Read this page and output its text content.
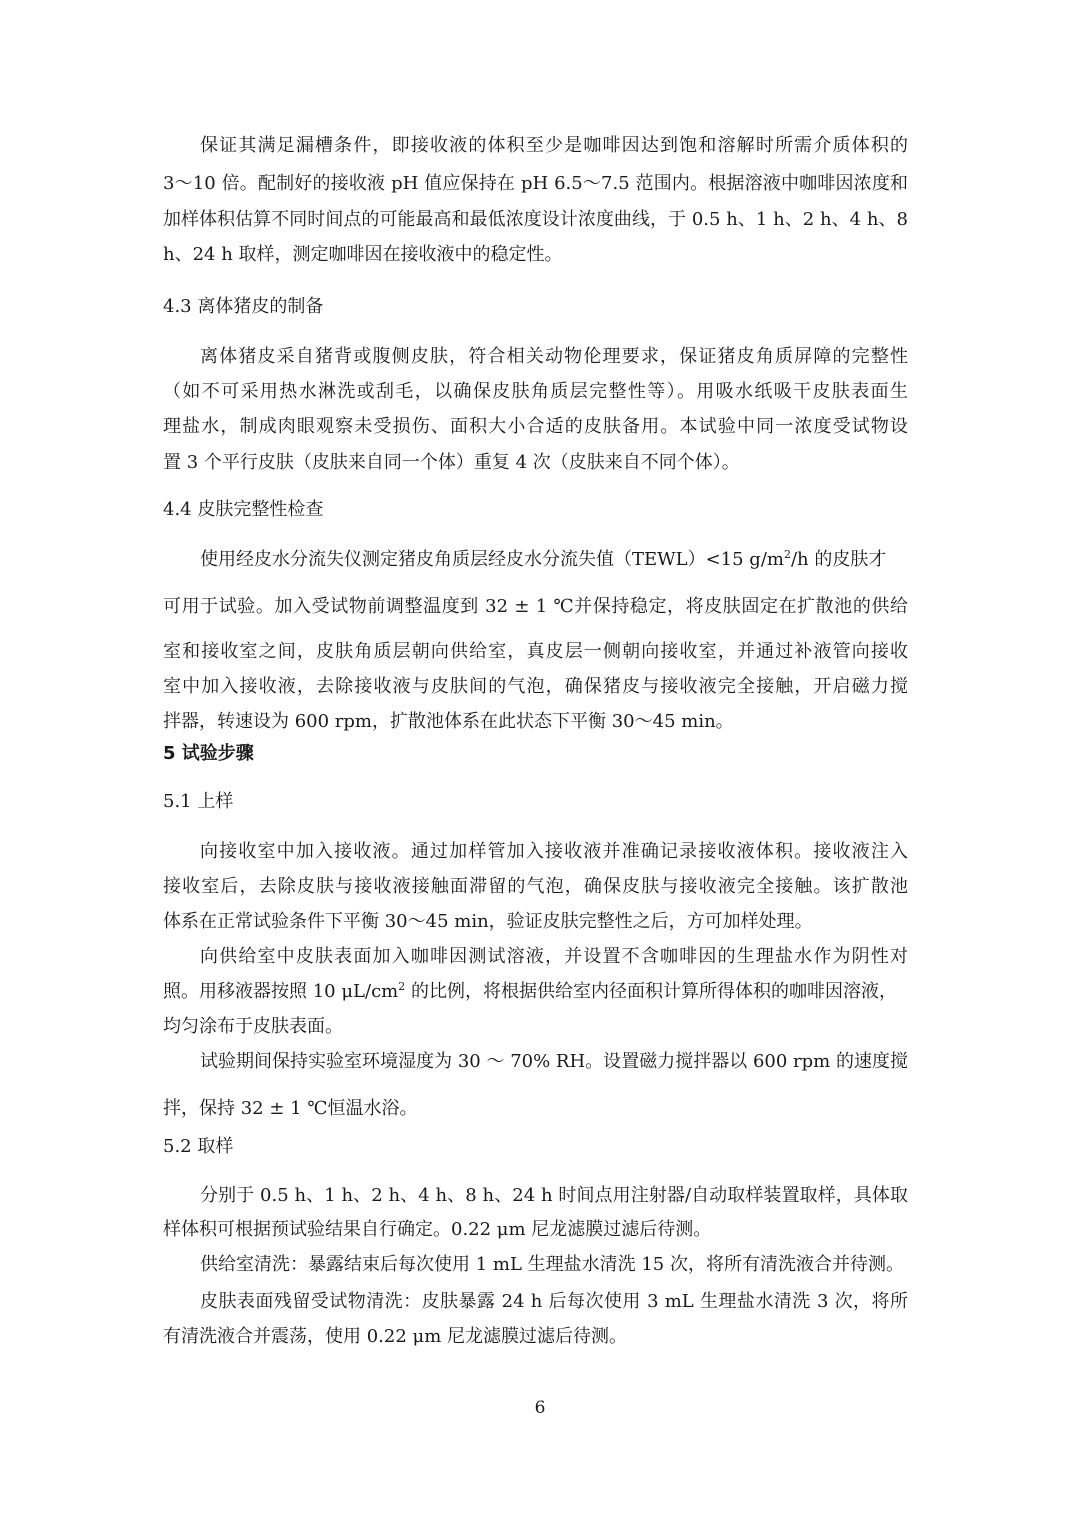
保证其满足漏槽条件，即接收液的体积至少是咖啡因达到饱和溶解时所需介质体积的
3～10 倍。配制好的接收液 pH 值应保持在 pH 6.5～7.5 范围内。根据溶液中咖啡因浓度和
加样体积估算不同时间点的可能最高和最低浓度设计浓度曲线，于 0.5 h、1 h、2 h、4 h、8
h、24 h 取样，测定咖啡因在接收液中的稳定性。
4.3 离体猪皮的制备
离体猪皮采自猪背或腹侧皮肤，符合相关动物伦理要求，保证猪皮角质屏障的完整性
（如不可采用热水淋洗或刮毛，以确保皮肤角质层完整性等）。用吸水纸吸干皮肤表面生
理盐水，制成肉眼观察未受损伤、面积大小合适的皮肤备用。本试验中同一浓度受试物设
置 3 个平行皮肤（皮肤来自同一个体）重复 4 次（皮肤来自不同个体）。
4.4 皮肤完整性检查
使用经皮水分流失仪测定猪皮角质层经皮水分流失值（TEWL）<15 $g/m^2/h$ 的皮肤才
可用于试验。加入受试物前调整温度到 32 ± 1 ℃并保持稳定，将皮肤固定在扩散池的供给
室和接收室之间，皮肤角质层朝向供给室，真皮层一侧朝向接收室，并通过补液管向接收
室中加入接收液，去除接收液与皮肤间的气泡，确保猪皮与接收液完全接触，开启磁力搅
拌器，转速设为 600 rpm，扩散池体系在此状态下平衡 30～45 min。
5 试验步骤
5.1 上样
向接收室中加入接收液。通过加样管加入接收液并准确记录接收液体积。接收液注入
接收室后，去除皮肤与接收液接触面滞留的气泡，确保皮肤与接收液完全接触。该扩散池
体系在正常试验条件下平衡 30～45 min，验证皮肤完整性之后，方可加样处理。
向供给室中皮肤表面加入咖啡因测试溶液，并设置不含咖啡因的生理盐水作为阴性对
照。用移液器按照 10 $\mu L/cm^2$ 的比例，将根据供给室内径面积计算所得体积的咖啡因溶液，
均匀涂布于皮肤表面。
试验期间保持实验室环境湿度为 30 ～ 70% RH。设置磁力搅拌器以 600 rpm 的速度搅
拌，保持 32 ± 1 ℃恒温水浴。
5.2 取样
分别于 0.5 h、1 h、2 h、4 h、8 h、24 h 时间点用注射器/自动取样装置取样，具体取
样体积可根据预试验结果自行确定。0.22 μm 尼龙滤膜过滤后待测。
供给室清洗：暴露结束后每次使用 1 mL 生理盐水清洗 15 次，将所有清洗液合并待测。
皮肤表面残留受试物清洗：皮肤暴露 24 h 后每次使用 3 mL 生理盐水清洗 3 次，将所
有清洗液合并震荡，使用 0.22 μm 尼龙滤膜过滤后待测。
6
